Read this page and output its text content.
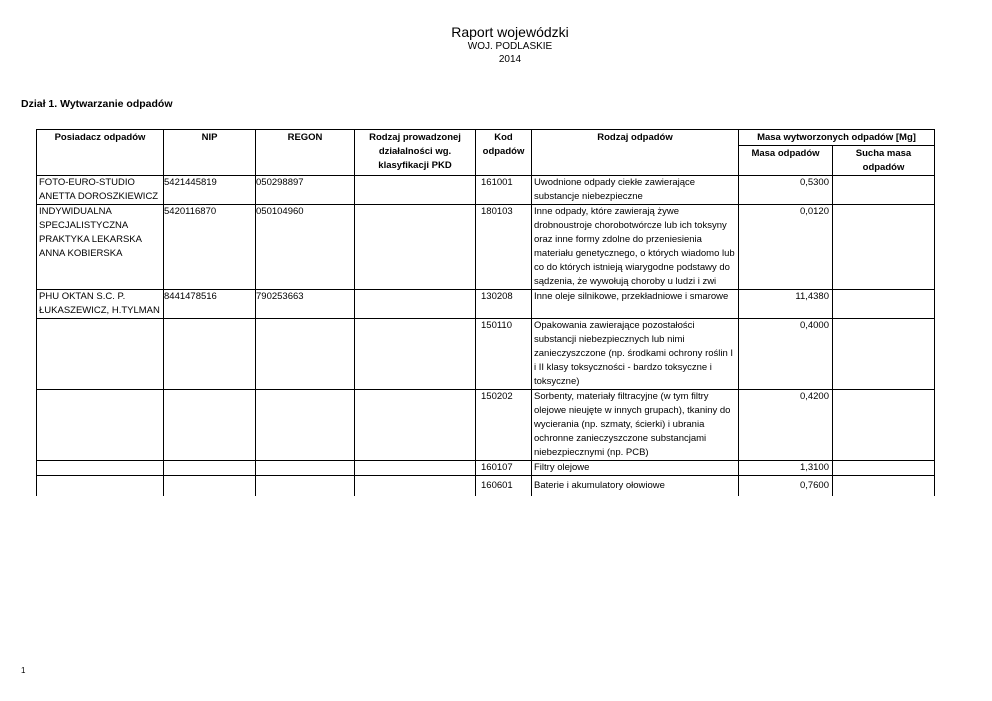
Raport wojewódzki
WOJ. PODLASKIE
2014
Dział 1. Wytwarzanie odpadów
Posiadacz odpadów	NIP	REGON	Rodzaj prowadzonej działalności wg. klasyfikacji PKD	Kod odpadów	Rodzaj odpadów	Masa wytworzonych odpadów [Mg]	
						Masa odpadów	Sucha masa odpadów
FOTO-EURO-STUDIO ANETTA DOROSZKIEWICZ	5421445819	050298897		161001	Uwodnione odpady ciekłe zawierające substancje niebezpieczne	0,5300	
INDYWIDUALNA SPECJALISTYCZNA PRAKTYKA LEKARSKA ANNA KOBIERSKA	5420116870	050104960		180103	Inne odpady, które zawierają żywe drobnoustroje chorobotwórcze lub ich toksyny oraz inne formy zdolne do przeniesienia materiału genetycznego, o których wiadomo lub co do których istnieją wiarygodne podstawy do sądzenia, że wywołują choroby u ludzi i zwi	0,0120	
PHU OKTAN S.C. P. ŁUKASZEWICZ, H.TYLMAN	8441478516	790253663		130208	Inne oleje silnikowe, przekładniowe i smarowe	11,4380	
				150110	Opakowania zawierające pozostałości substancji niebezpiecznych lub nimi zanieczyszczone (np. środkami ochrony roślin I i II klasy toksyczności - bardzo toksyczne i toksyczne)	0,4000	
				150202	Sorbenty, materiały filtracyjne (w tym filtry olejowe nieujęte w innych grupach), tkaniny do wycierania (np. szmaty, ścierki) i ubrania ochronne zanieczyszczone substancjami niebezpiecznymi (np. PCB)	0,4200	
				160107	Filtry olejowe	1,3100	
				160601	Baterie i akumulatory ołowiowe	0,7600	
1
